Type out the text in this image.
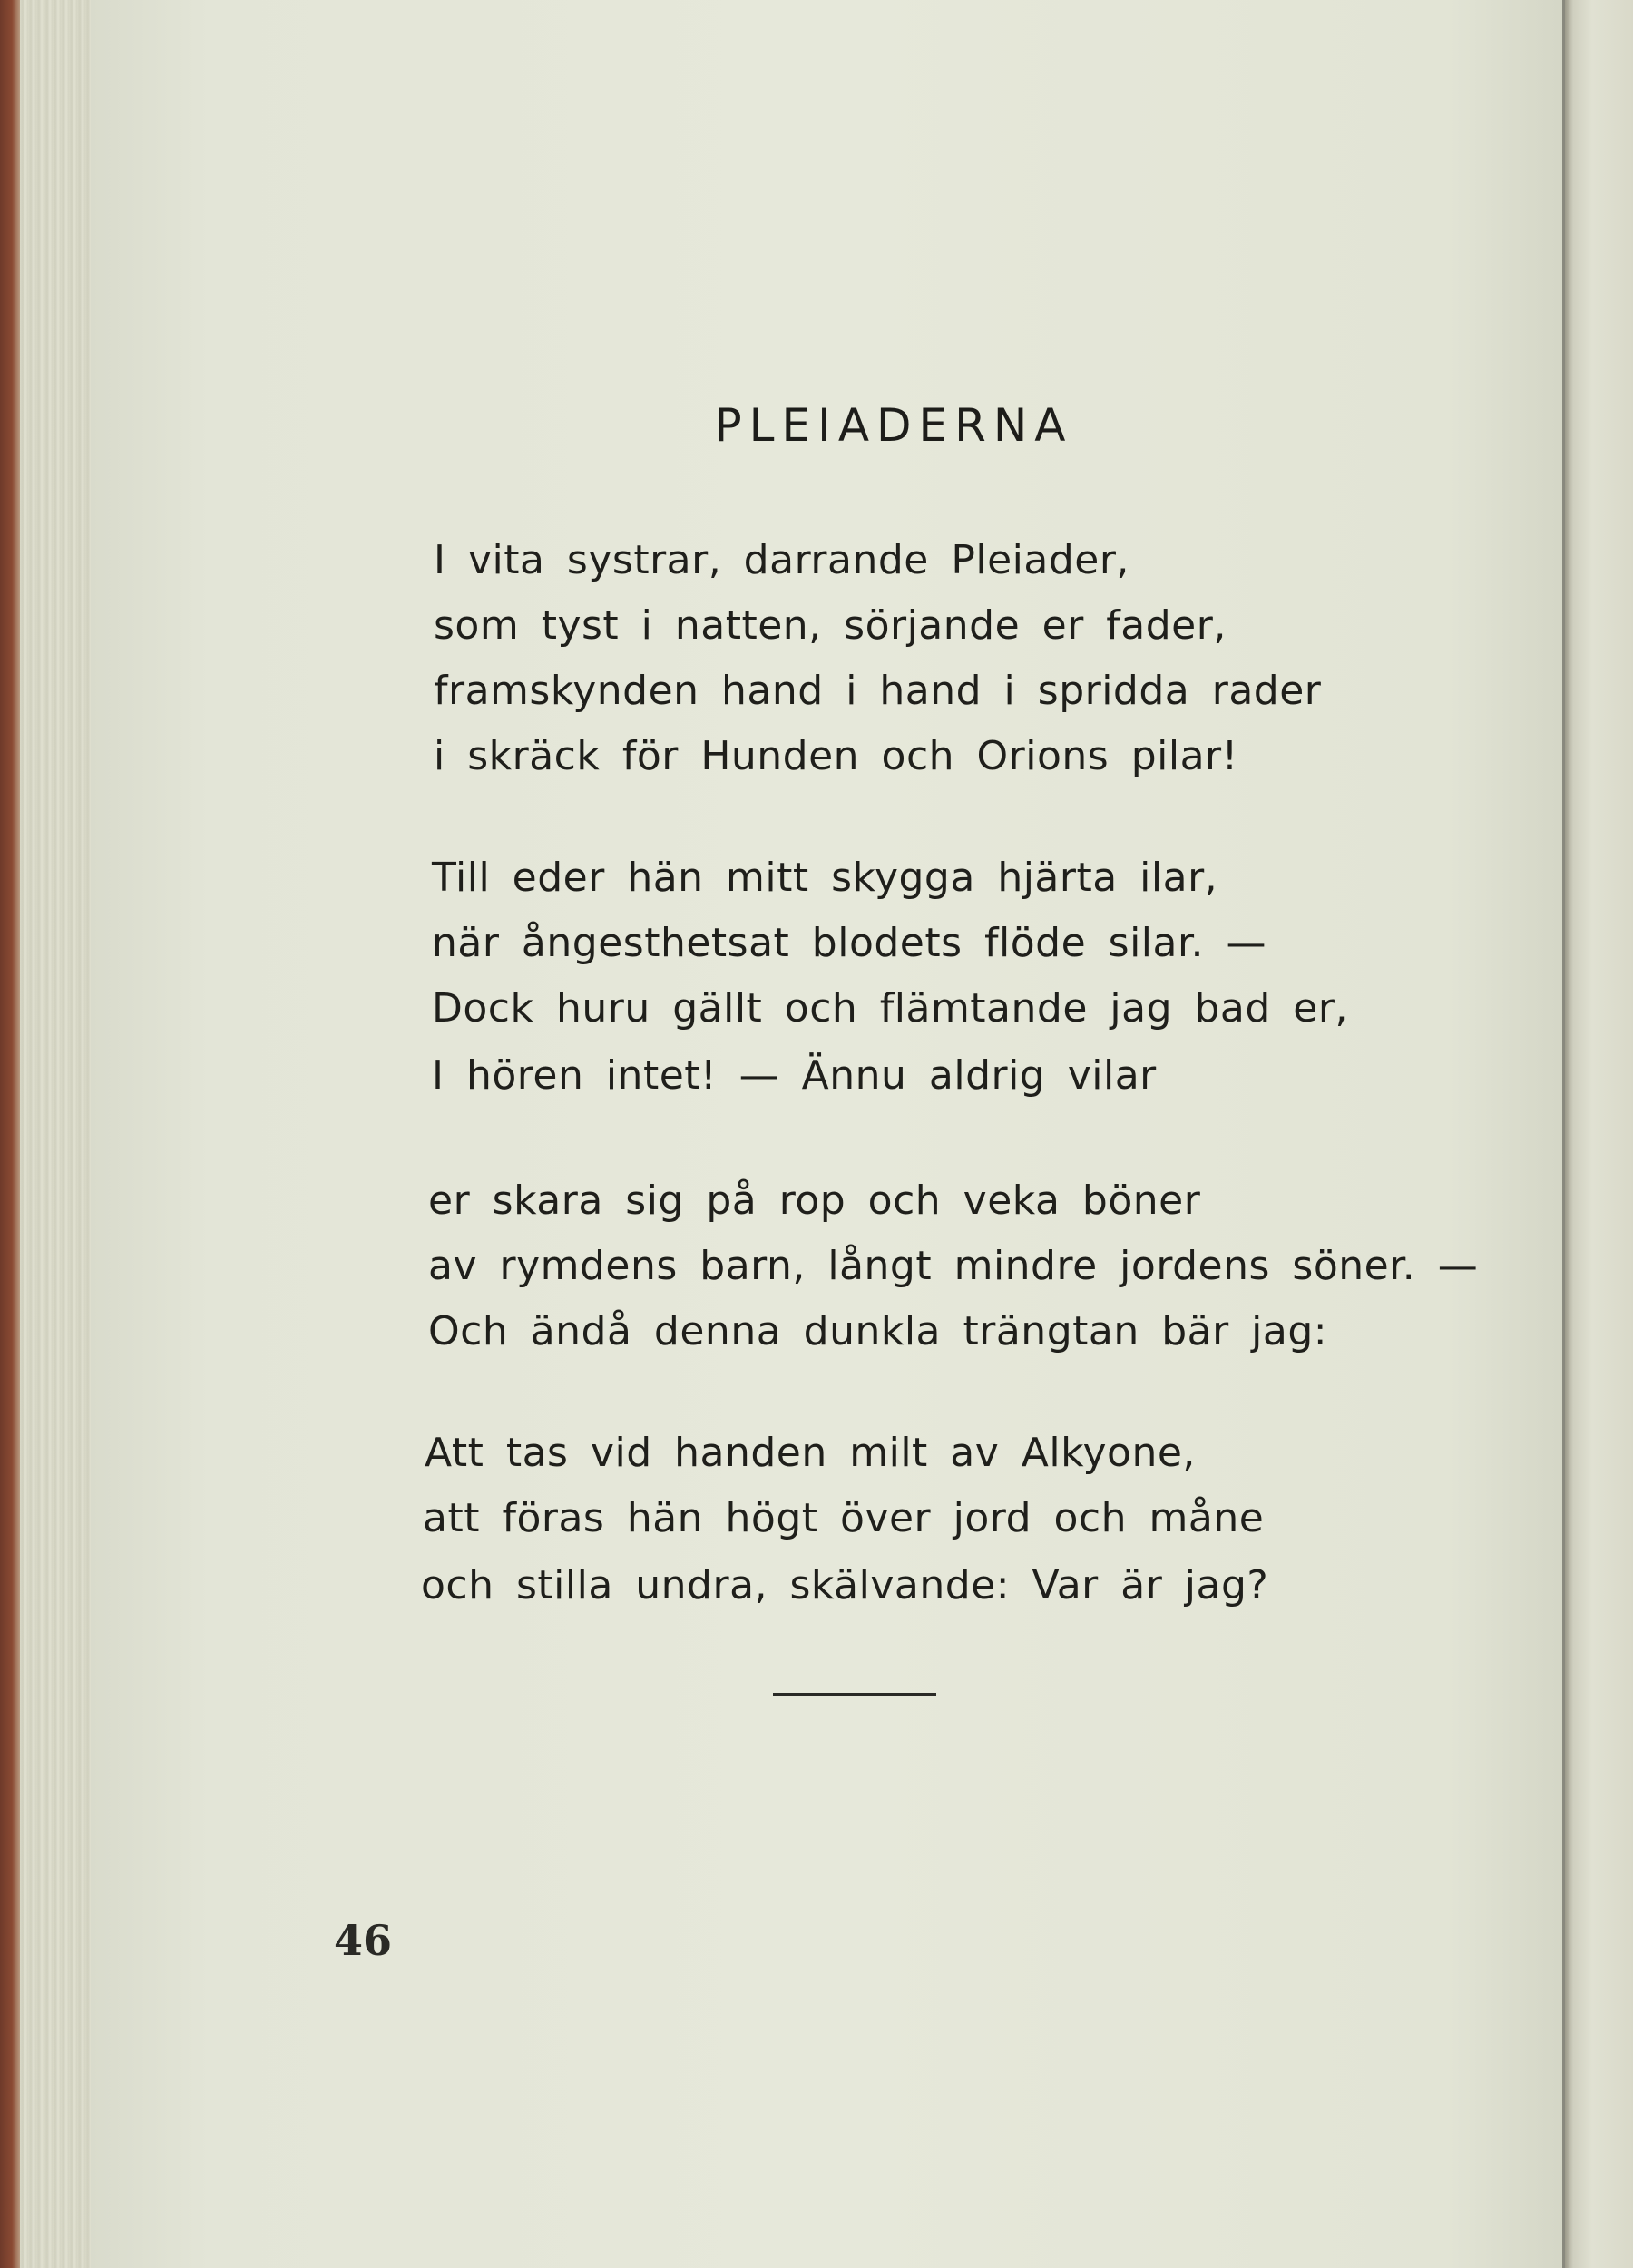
PLEIADERNA
I vita systrar, darrande Pleiader,
som tyst i natten, sörjande er fader,
framskynden hand i hand i spridda rader
i skräck för Hunden och Orions pilar!
Till eder hän mitt skygga hjärta ilar,
när ångesthetsat blodets flöde silar. —
Dock huru gällt och flämtande jag bad er,
I hören intet! — Ännu aldrig vilar
er skara sig på rop och veka böner
av rymdens barn, långt mindre jordens söner. —
Och ändå denna dunkla trängtan bär jag:
Att tas vid handen milt av Alkyone,
att föras hän högt över jord och måne
och stilla undra, skälvande: Var är jag?
46
